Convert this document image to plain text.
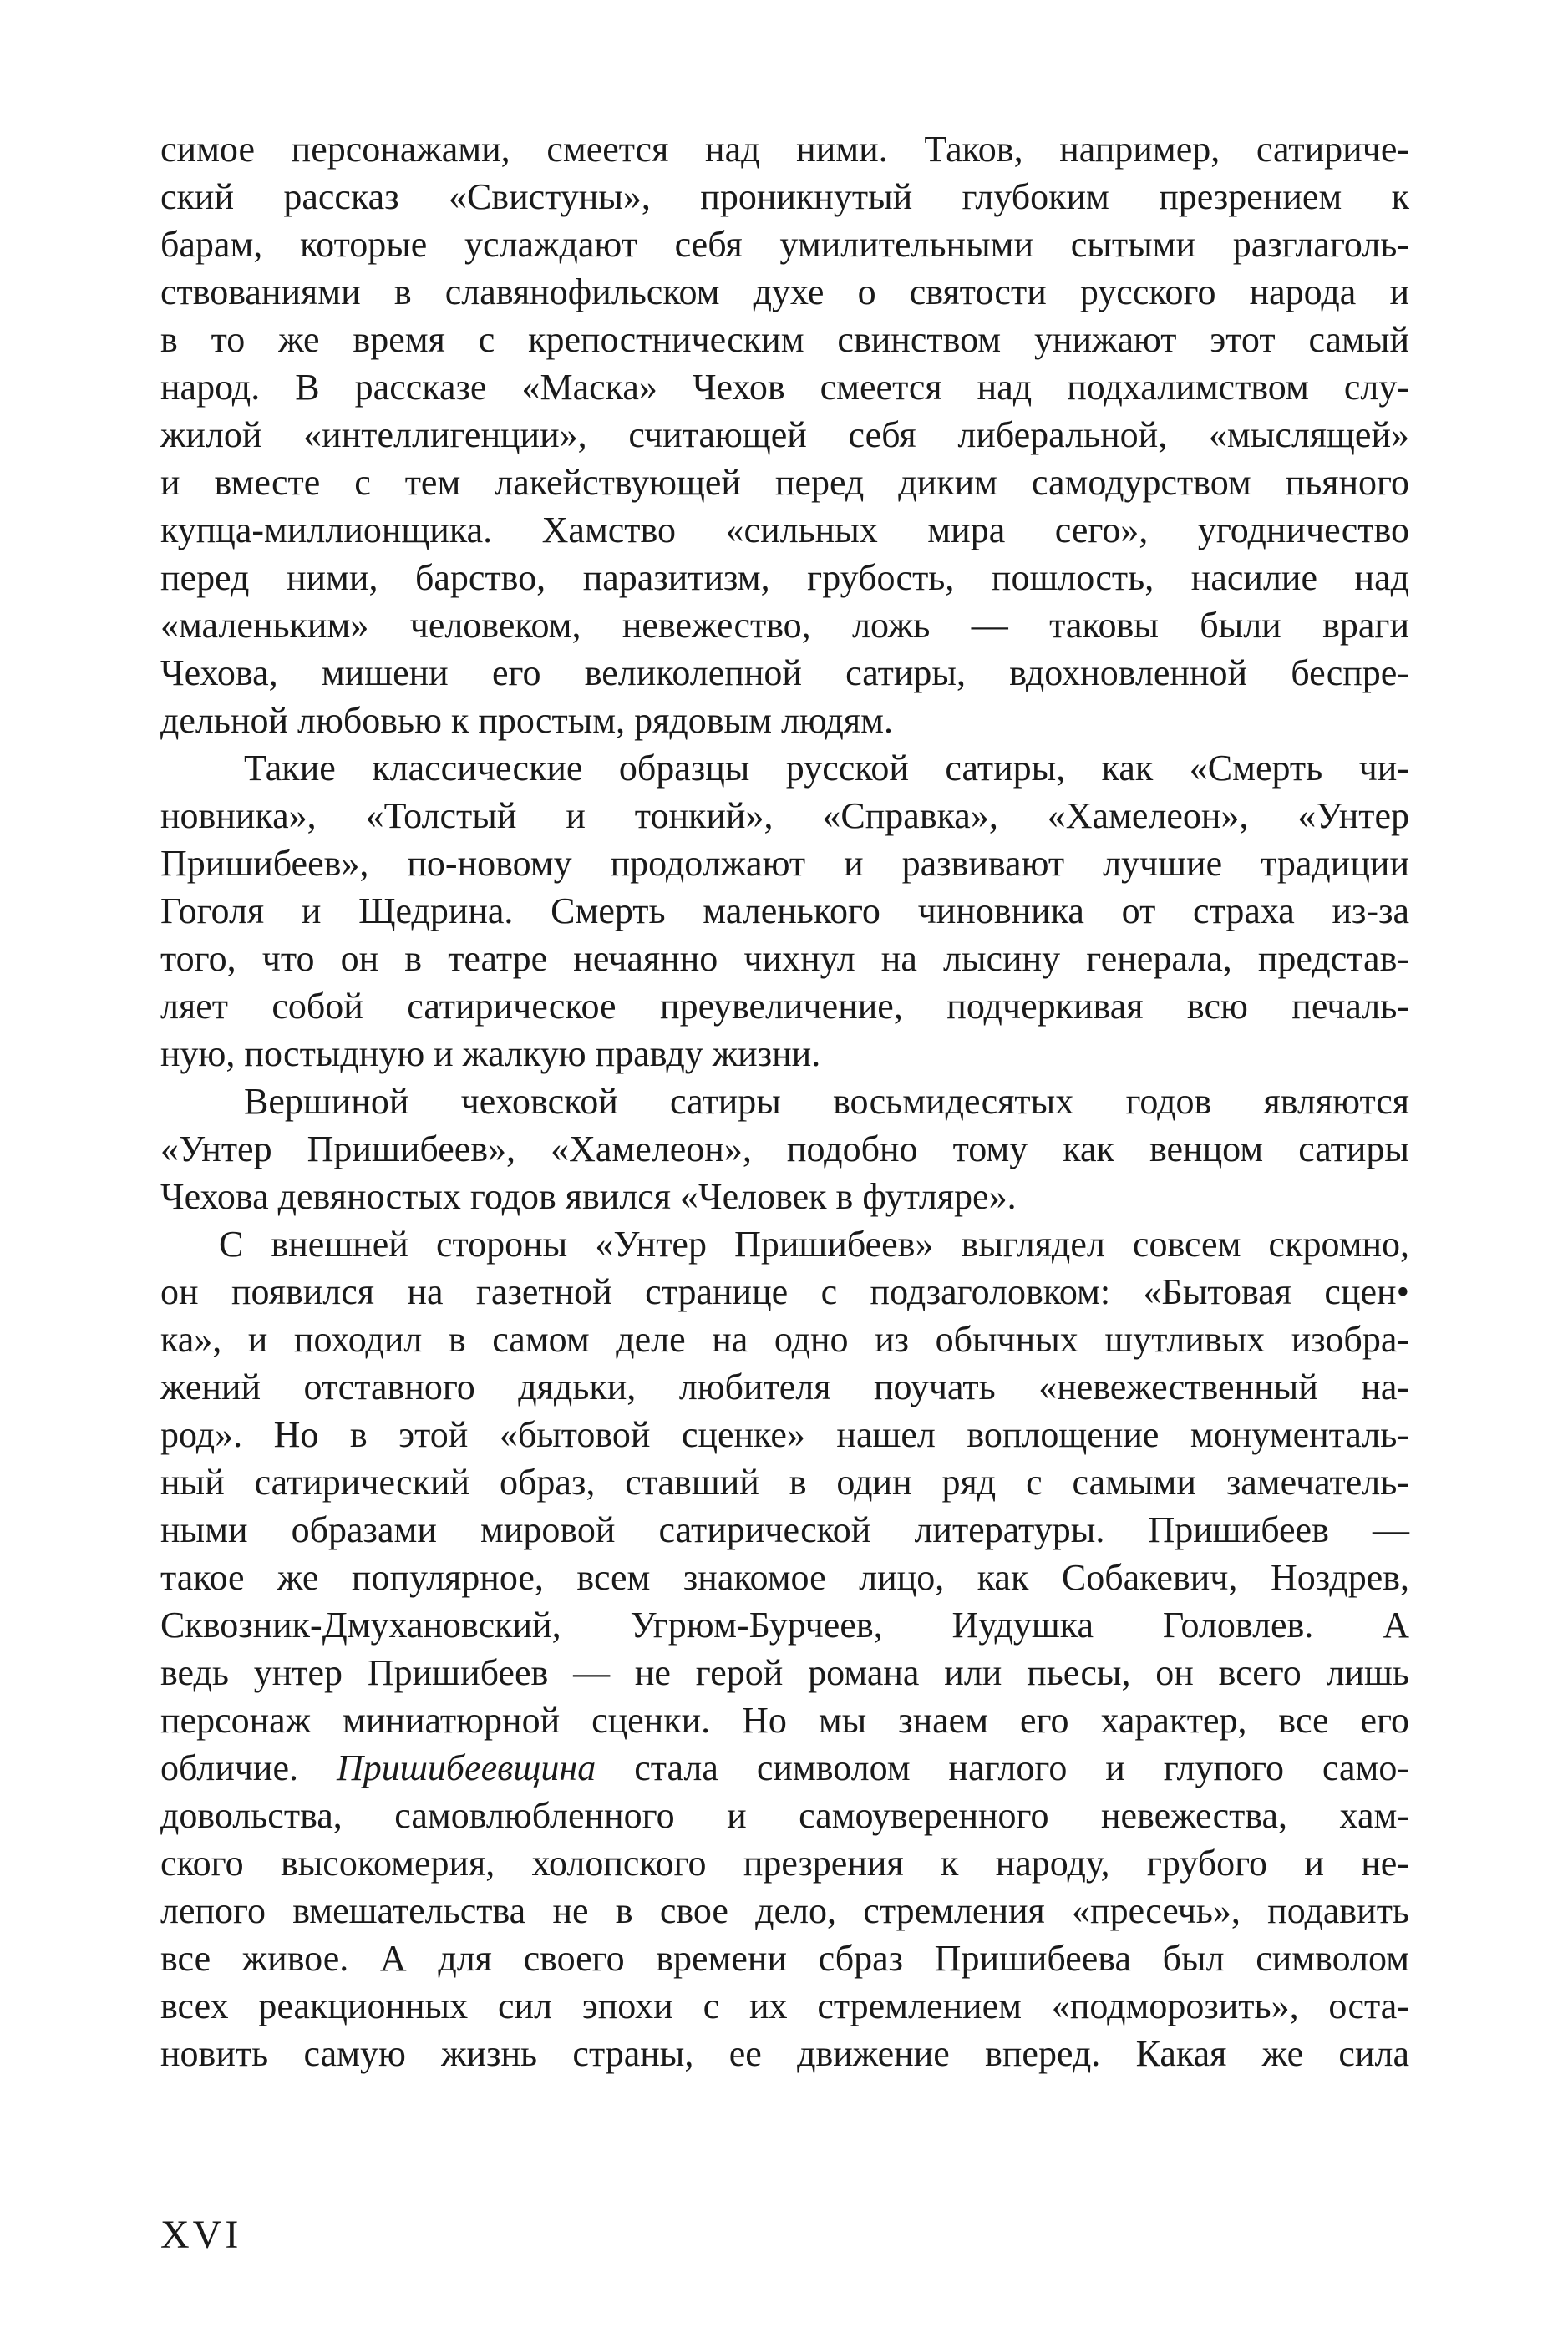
симое персонажами, смеется над ними. Таков, например, сатириче-
ский рассказ «Свистуны», проникнутый глубоким презрением к
барам, которые услаждают себя умилительными сытыми разглаголь-
ствованиями в славянофильском духе о святости русского народа и
в то же время с крепостническим свинством унижают этот самый
народ. В рассказе «Маска» Чехов смеется над подхалимством слу-
жилой «интеллигенции», считающей себя либеральной, «мыслящей»
и вместе с тем лакействующей перед диким самодурством пьяного
купца-миллионщика. Хамство «сильных мира сего», угодничество
перед ними, барство, паразитизм, грубость, пошлость, насилие над
«маленьким» человеком, невежество, ложь — таковы были враги
Чехова, мишени его великолепной сатиры, вдохновленной беспре-
дельной любовью к простым, рядовым людям.
Такие классические образцы русской сатиры, как «Смерть чи-
новника», «Толстый и тонкий», «Справка», «Хамелеон», «Унтер
Пришибеев», по-новому продолжают и развивают лучшие традиции
Гоголя и Щедрина. Смерть маленького чиновника от страха из-за
того, что он в театре нечаянно чихнул на лысину генерала, представ-
ляет собой сатирическое преувеличение, подчеркивая всю печаль-
ную, постыдную и жалкую правду жизни.
Вершиной чеховской сатиры восьмидесятых годов являются
«Унтер Пришибеев», «Хамелеон», подобно тому как венцом сатиры
Чехова девяностых годов явился «Человек в футляре».
С внешней стороны «Унтер Пришибеев» выглядел совсем скромно,
он появился на газетной странице с подзаголовком: «Бытовая сцен•
ка», и походил в самом деле на одно из обычных шутливых изобра-
жений отставного дядьки, любителя поучать «невежественный на-
род». Но в этой «бытовой сценке» нашел воплощение монументаль-
ный сатирический образ, ставший в один ряд с самыми замечатель-
ными образами мировой сатирической литературы. Пришибеев —
такое же популярное, всем знакомое лицо, как Собакевич, Ноздрев,
Сквозник-Дмухановский, Угрюм-Бурчеев, Иудушка Головлев. А
ведь унтер Пришибеев — не герой романа или пьесы, он всего лишь
персонаж миниатюрной сценки. Но мы знаем его характер, все его
обличие. Пришибеевщина стала символом наглого и глупого само-
довольства, самовлюбленного и самоуверенного невежества, хам-
ского высокомерия, холопского презрения к народу, грубого и не-
лепого вмешательства не в свое дело, стремления «пресечь», подавить
все живое. А для своего времени сбраз Пришибеева был символом
всех реакционных сил эпохи с их стремлением «подморозить», оста-
новить самую жизнь страны, ее движение вперед. Какая же сила
XVI
